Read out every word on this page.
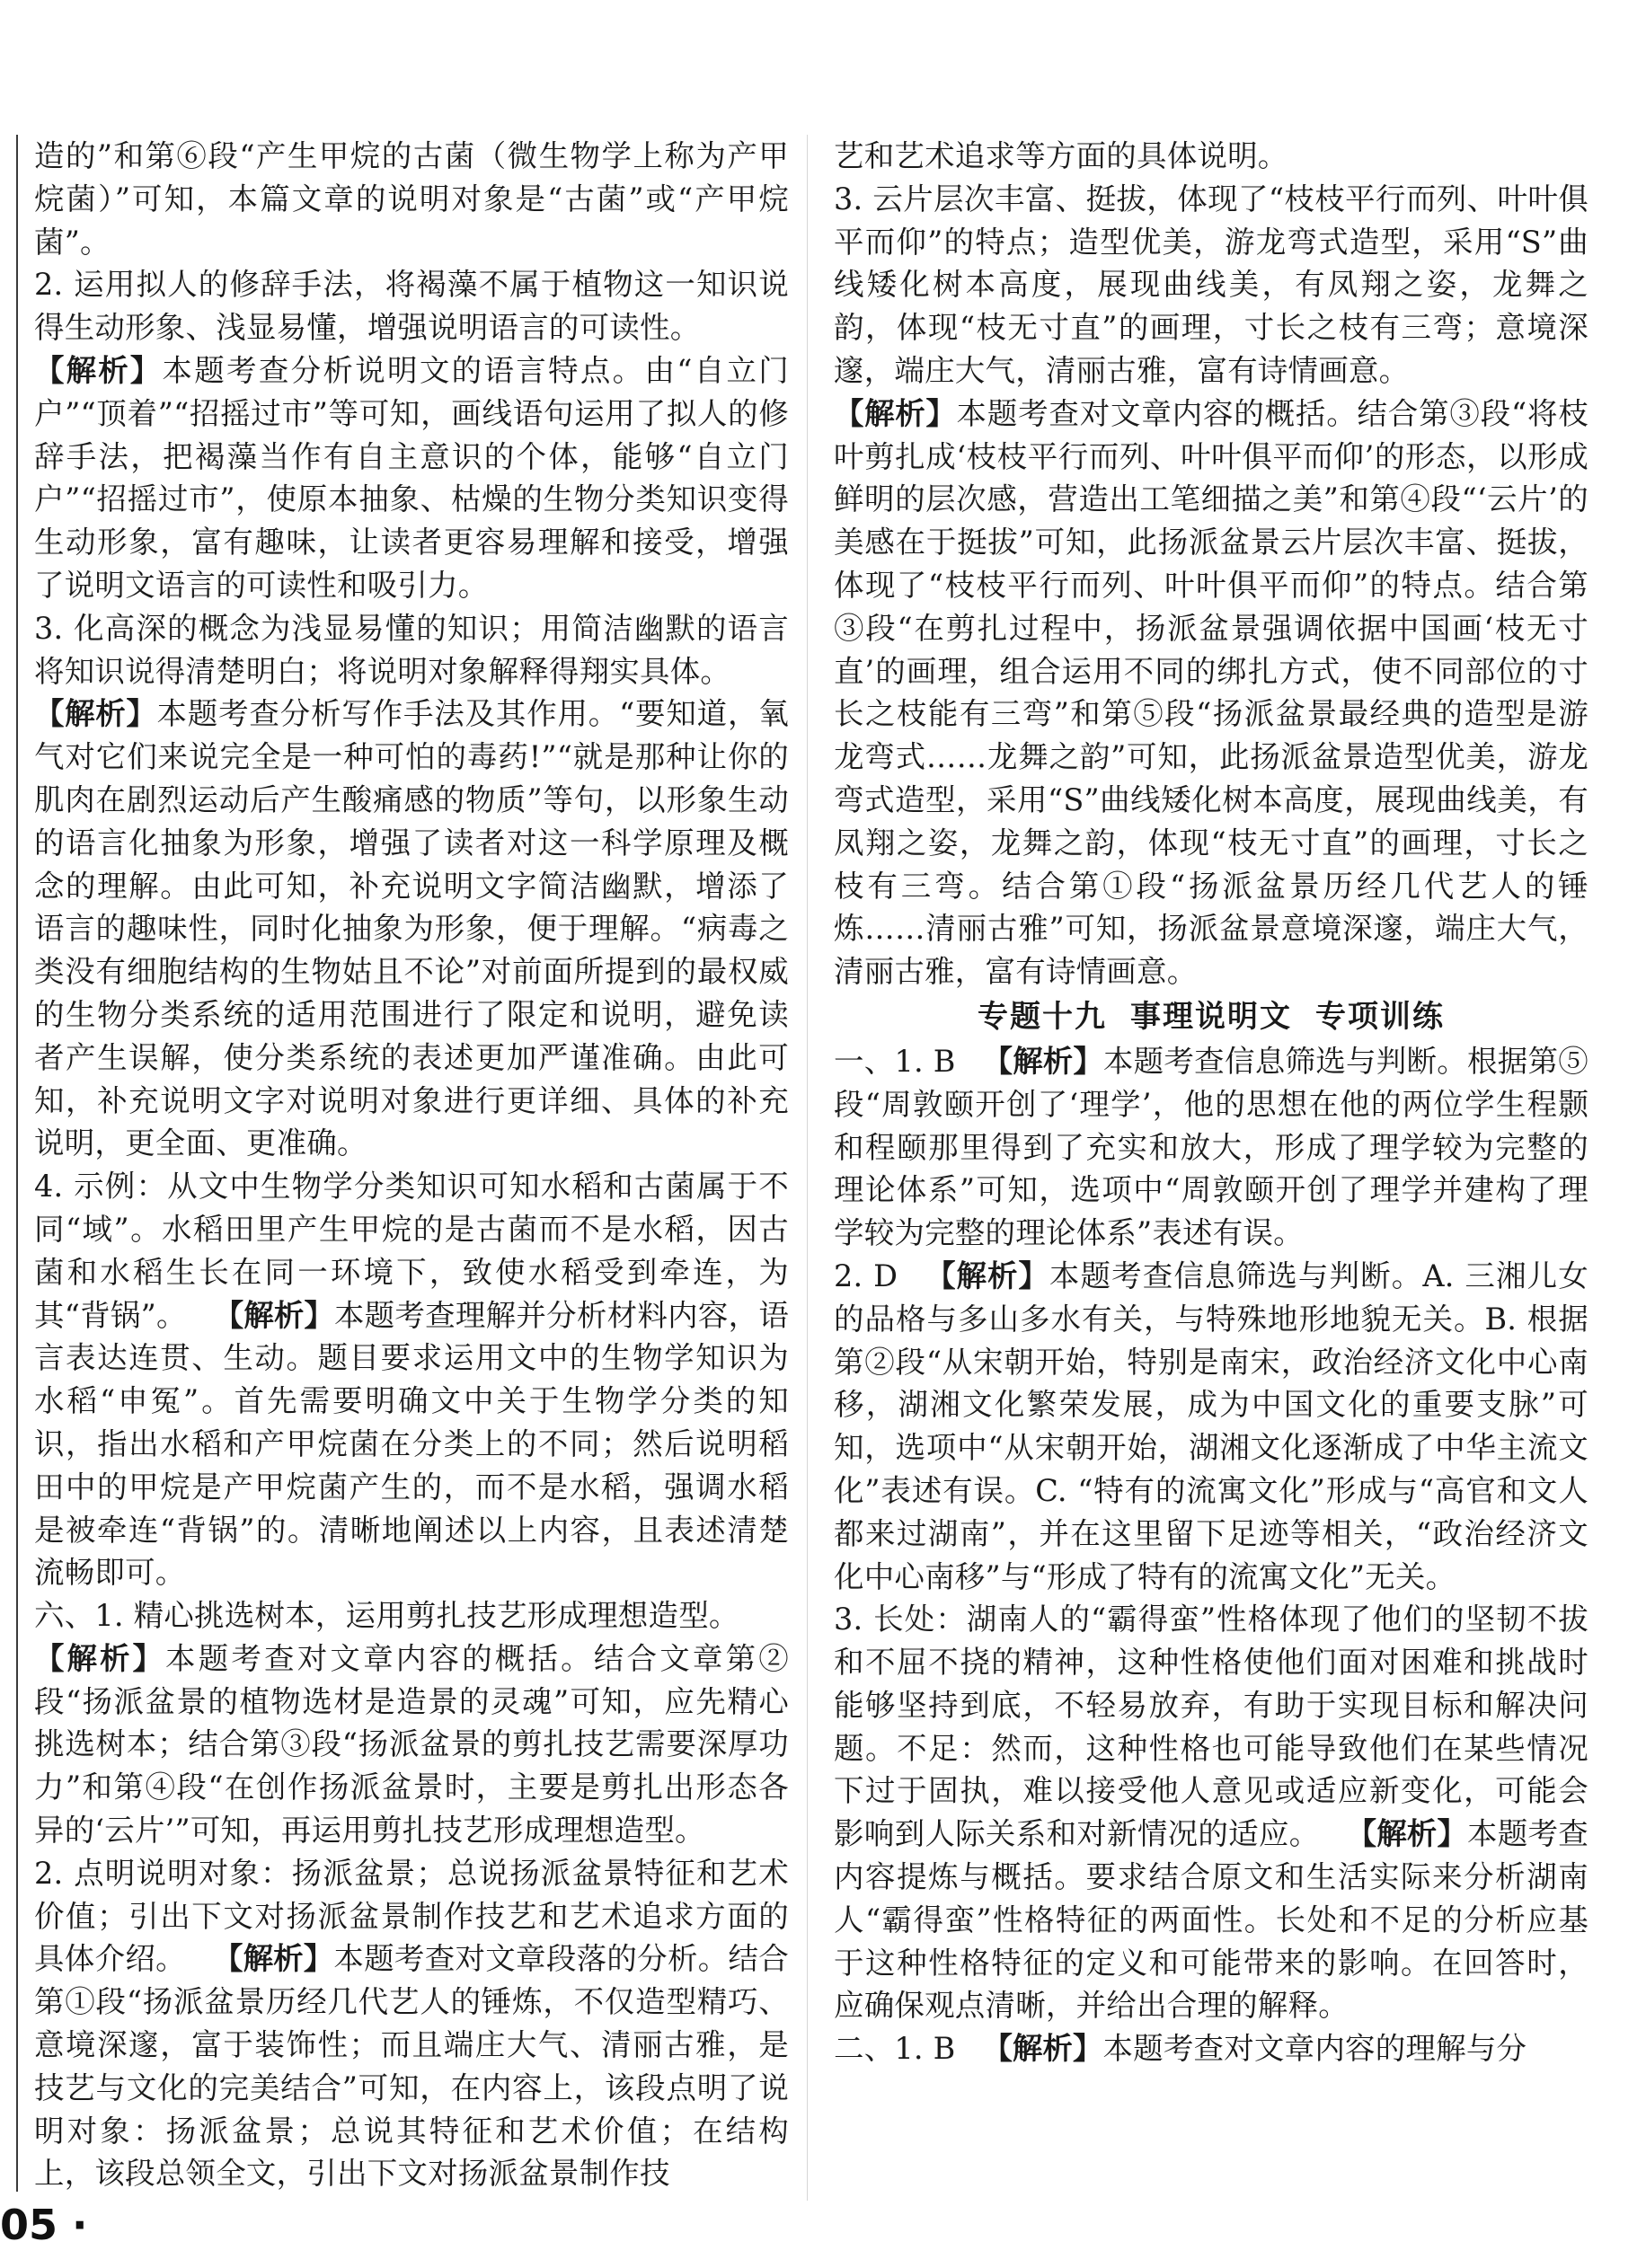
造的”和第⑥段“产生甲烷的古菌（微生物学上称为产甲烷菌）”可知，本篇文章的说明对象是“古菌”或“产甲烷菌”。

2. 运用拟人的修辞手法，将褐藻不属于植物这一知识说得生动形象、浅显易懂，增强说明语言的可读性。

【解析】本题考查分析说明文的语言特点。由“自立门户”“顶着”“招摇过市”等可知，画线语句运用了拟人的修辞手法，把褐藻当作有自主意识的个体，能够“自立门户”“招摇过市”，使原本抽象、枯燥的生物分类知识变得生动形象，富有趣味，让读者更容易理解和接受，增强了说明文语言的可读性和吸引力。

3. 化高深的概念为浅显易懂的知识；用简洁幽默的语言将知识说得清楚明白；将说明对象解释得翔实具体。

【解析】本题考查分析写作手法及其作用。“要知道，氧气对它们来说完全是一种可怕的毒药!”“就是那种让你的肌肉在剧烈运动后产生酸痛感的物质”等句，以形象生动的语言化抽象为形象，增强了读者对这一科学原理及概念的理解。由此可知，补充说明文字简洁幽默，增添了语言的趣味性，同时化抽象为形象，便于理解。“病毒之类没有细胞结构的生物姑且不论”对前面所提到的最权威的生物分类系统的适用范围进行了限定和说明，避免读者产生误解，使分类系统的表述更加严谨准确。由此可知，补充说明文字对说明对象进行更详细、具体的补充说明，更全面、更准确。

4. 示例：从文中生物学分类知识可知水稻和古菌属于不同“域”。水稻田里产生甲烷的是古菌而不是水稻，因古菌和水稻生长在同一环境下，致使水稻受到牵连，为其“背锅”。 【解析】本题考查理解并分析材料内容，语言表达连贯、生动。题目要求运用文中的生物学知识为水稻“申冤”。首先需要明确文中关于生物学分类的知识，指出水稻和产甲烷菌在分类上的不同；然后说明稻田中的甲烷是产甲烷菌产生的，而不是水稻，强调水稻是被牵连“背锅”的。清晰地阐述以上内容，且表述清楚流畅即可。

六、1. 精心挑选树本，运用剪扎技艺形成理想造型。

【解析】本题考查对文章内容的概括。结合文章第②段“扬派盆景的植物选材是造景的灵魂”可知，应先精心挑选树本；结合第③段“扬派盆景的剪扎技艺需要深厚功力”和第④段“在创作扬派盆景时，主要是剪扎出形态各异的‘云片’”可知，再运用剪扎技艺形成理想造型。

2. 点明说明对象：扬派盆景；总说扬派盆景特征和艺术价值；引出下文对扬派盆景制作技艺和艺术追求方面的具体介绍。 【解析】本题考查对文章段落的分析。结合第①段“扬派盆景历经几代艺人的锤炼，不仅造型精巧、意境深邃，富于装饰性；而且端庄大气、清丽古雅，是技艺与文化的完美结合”可知，在内容上，该段点明了说明对象：扬派盆景；总说其特征和艺术价值；在结构上，该段总领全文，引出下文对扬派盆景制作技

艺和艺术追求等方面的具体说明。

3. 云片层次丰富、挺拔，体现了“枝枝平行而列、叶叶俱平而仰”的特点；造型优美，游龙弯式造型，采用“S”曲线矮化树本高度，展现曲线美，有凤翔之姿，龙舞之韵，体现“枝无寸直”的画理，寸长之枝有三弯；意境深邃，端庄大气，清丽古雅，富有诗情画意。

【解析】本题考查对文章内容的概括。结合第③段“将枝叶剪扎成‘枝枝平行而列、叶叶俱平而仰’的形态，以形成鲜明的层次感，营造出工笔细描之美”和第④段“‘云片’的美感在于挺拔”可知，此扬派盆景云片层次丰富、挺拔，体现了“枝枝平行而列、叶叶俱平而仰”的特点。结合第③段“在剪扎过程中，扬派盆景强调依据中国画‘枝无寸直’的画理，组合运用不同的绑扎方式，使不同部位的寸长之枝能有三弯”和第⑤段“扬派盆景最经典的造型是游龙弯式……龙舞之韵”可知，此扬派盆景造型优美，游龙弯式造型，采用“S”曲线矮化树本高度，展现曲线美，有凤翔之姿，龙舞之韵，体现“枝无寸直”的画理，寸长之枝有三弯。结合第①段“扬派盆景历经几代艺人的锤炼……清丽古雅”可知，扬派盆景意境深邃，端庄大气，清丽古雅，富有诗情画意。

专题十九 事理说明文 专项训练

一、1. B 【解析】本题考查信息筛选与判断。根据第⑤段“周敦颐开创了‘理学’，他的思想在他的两位学生程颢和程颐那里得到了充实和放大，形成了理学较为完整的理论体系”可知，选项中“周敦颐开创了理学并建构了理学较为完整的理论体系”表述有误。

2. D 【解析】本题考查信息筛选与判断。A. 三湘儿女的品格与多山多水有关，与特殊地形地貌无关。B. 根据第②段“从宋朝开始，特别是南宋，政治经济文化中心南移，湖湘文化繁荣发展，成为中国文化的重要支脉”可知，选项中“从宋朝开始，湖湘文化逐渐成了中华主流文化”表述有误。C. “特有的流寓文化”形成与“高官和文人都来过湖南”，并在这里留下足迹等相关，“政治经济文化中心南移”与“形成了特有的流寓文化”无关。

3. 长处：湖南人的“霸得蛮”性格体现了他们的坚韧不拔和不屈不挠的精神，这种性格使他们面对困难和挑战时能够坚持到底，不轻易放弃，有助于实现目标和解决问题。不足：然而，这种性格也可能导致他们在某些情况下过于固执，难以接受他人意见或适应新变化，可能会影响到人际关系和对新情况的适应。 【解析】本题考查内容提炼与概括。要求结合原文和生活实际来分析湖南人“霸得蛮”性格特征的两面性。长处和不足的分析应基于这种性格特征的定义和可能带来的影响。在回答时，应确保观点清晰，并给出合理的解释。

二、1. B 【解析】本题考查对文章内容的理解与分

05 ·
